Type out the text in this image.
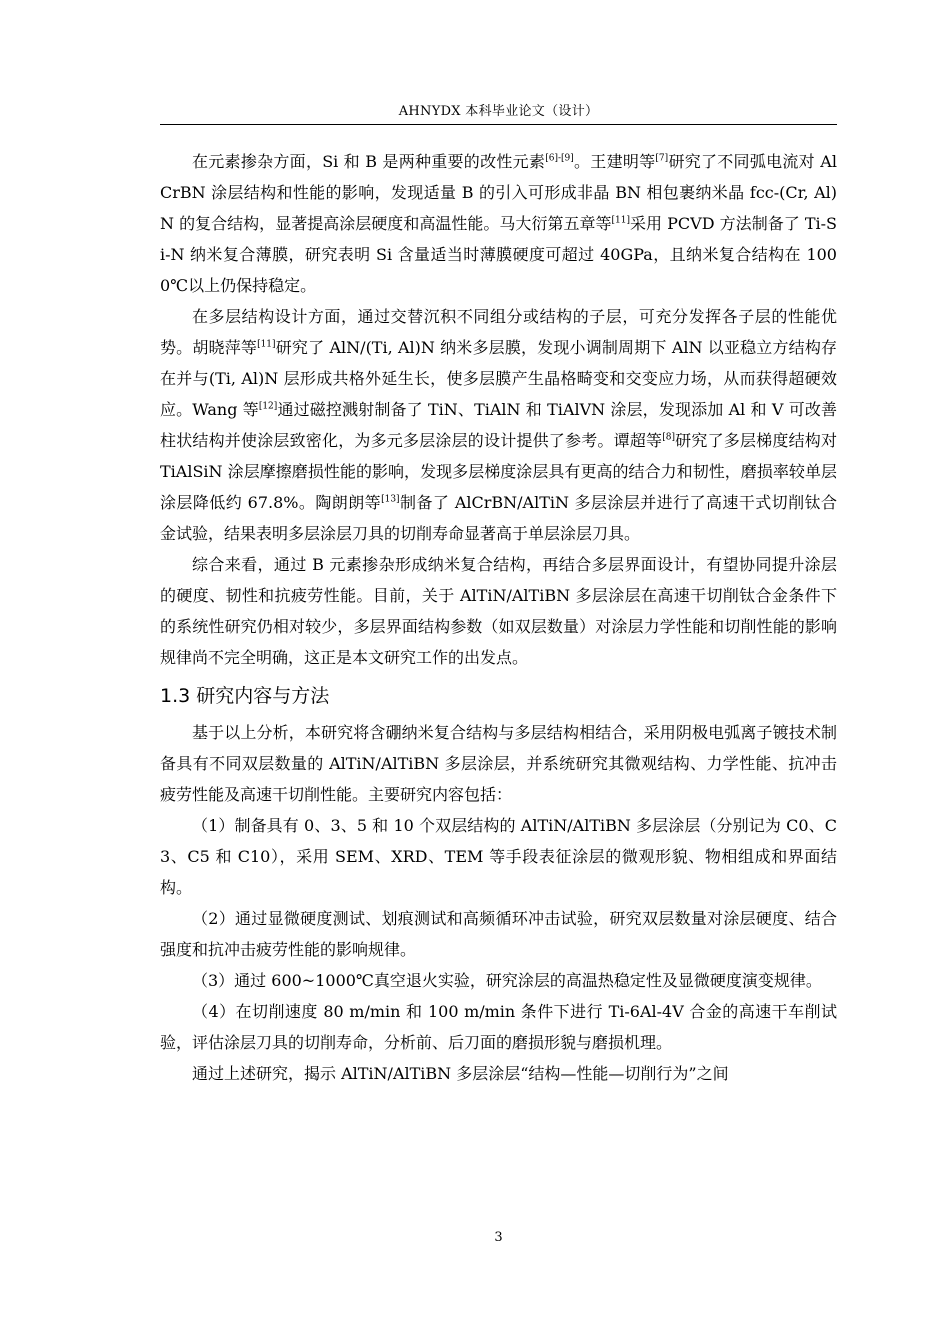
AHNYDX 本科毕业论文（设计）

在元素掺杂方面，Si 和 B 是两种重要的改性元素[6]-[9]。王建明等[7]研究了不同弧电流对 AlCrBN 涂层结构和性能的影响，发现适量 B 的引入可形成非晶 BN 相包裹纳米晶 fcc-(Cr, Al)N 的复合结构，显著提高涂层硬度和高温性能。马大衍第五章等[11]采用 PCVD 方法制备了 Ti-Si-N 纳米复合薄膜，研究表明 Si 含量适当时薄膜硬度可超过 40GPa，且纳米复合结构在 1000℃以上仍保持稳定。

在多层结构设计方面，通过交替沉积不同组分或结构的子层，可充分发挥各子层的性能优势。胡晓萍等[11]研究了 AlN/(Ti, Al)N 纳米多层膜，发现小调制周期下 AlN 以亚稳立方结构存在并与(Ti, Al)N 层形成共格外延生长，使多层膜产生晶格畸变和交变应力场，从而获得超硬效应。Wang 等[12]通过磁控溅射制备了 TiN、TiAlN 和 TiAlVN 涂层，发现添加 Al 和 V 可改善柱状结构并使涂层致密化，为多元多层涂层的设计提供了参考。谭超等[8]研究了多层梯度结构对 TiAlSiN 涂层摩擦磨损性能的影响，发现多层梯度涂层具有更高的结合力和韧性，磨损率较单层涂层降低约 67.8%。陶朗朗等[13]制备了 AlCrBN/AlTiN 多层涂层并进行了高速干式切削钛合金试验，结果表明多层涂层刀具的切削寿命显著高于单层涂层刀具。

综合来看，通过 B 元素掺杂形成纳米复合结构，再结合多层界面设计，有望协同提升涂层的硬度、韧性和抗疲劳性能。目前，关于 AlTiN/AlTiBN 多层涂层在高速干切削钛合金条件下的系统性研究仍相对较少，多层界面结构参数（如双层数量）对涂层力学性能和切削性能的影响规律尚不完全明确，这正是本文研究工作的出发点。

1.3 研究内容与方法

基于以上分析，本研究将含硼纳米复合结构与多层结构相结合，采用阴极电弧离子镀技术制备具有不同双层数量的 AlTiN/AlTiBN 多层涂层，并系统研究其微观结构、力学性能、抗冲击疲劳性能及高速干切削性能。主要研究内容包括：

（1）制备具有 0、3、5 和 10 个双层结构的 AlTiN/AlTiBN 多层涂层（分别记为 C0、C3、C5 和 C10），采用 SEM、XRD、TEM 等手段表征涂层的微观形貌、物相组成和界面结构。

（2）通过显微硬度测试、划痕测试和高频循环冲击试验，研究双层数量对涂层硬度、结合强度和抗冲击疲劳性能的影响规律。

（3）通过 600~1000℃真空退火实验，研究涂层的高温热稳定性及显微硬度演变规律。

（4）在切削速度 80 m/min 和 100 m/min 条件下进行 Ti-6Al-4V 合金的高速干车削试验，评估涂层刀具的切削寿命，分析前、后刀面的磨损形貌与磨损机理。

通过上述研究，揭示 AlTiN/AlTiBN 多层涂层“结构—性能—切削行为”之间

3
